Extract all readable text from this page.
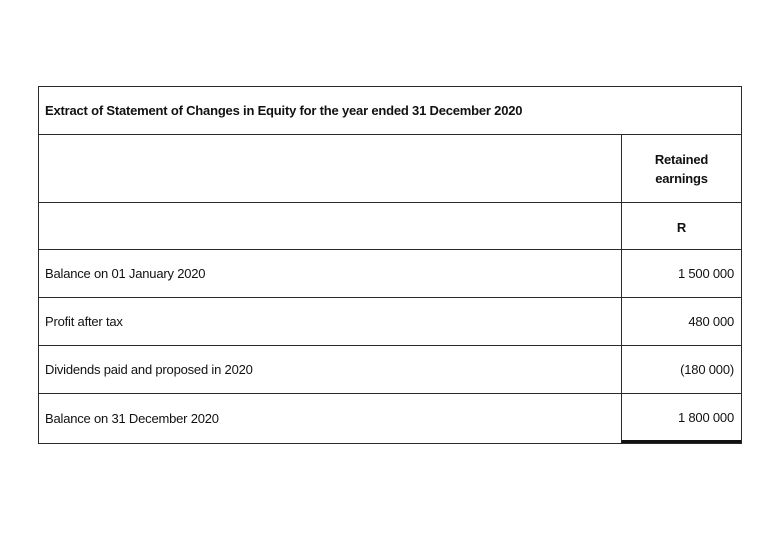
Extract of Statement of Changes in Equity for the year ended 31 December 2020
Retained
earnings
R
Balance on 01 January 2020	1 500 000
Profit after tax	480 000
Dividends paid and proposed in 2020	(180 000)
Balance on 31 December 2020	1 800 000
